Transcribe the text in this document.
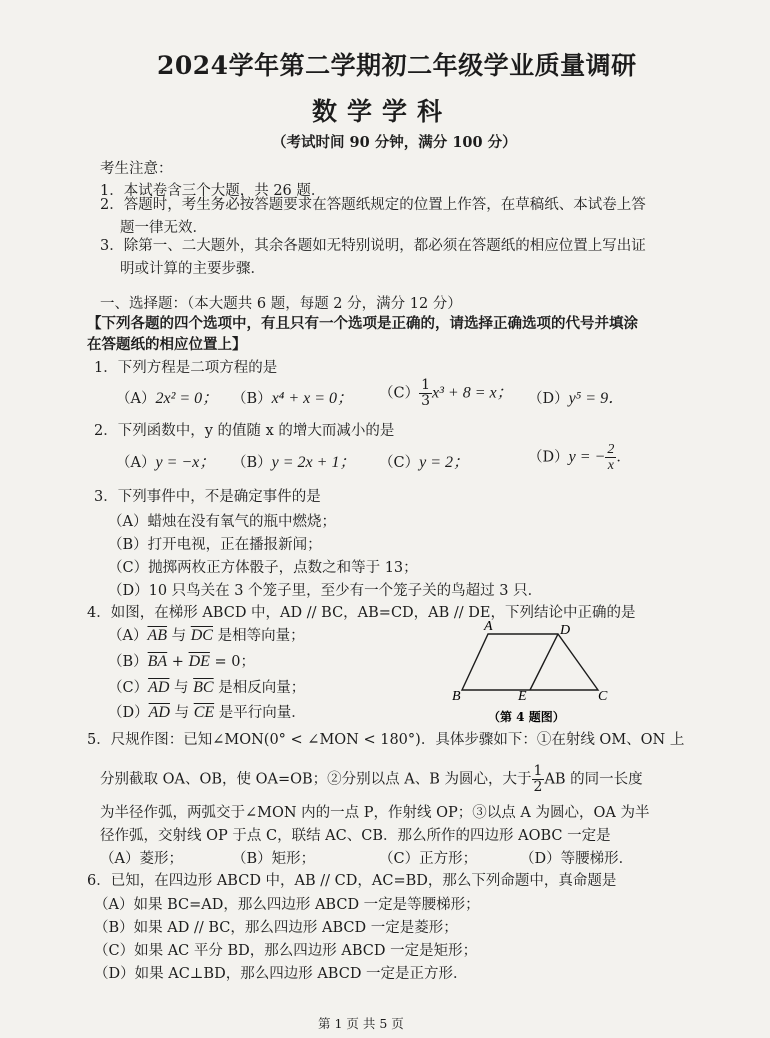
2024学年第二学期初二年级学业质量调研
数学学科
（考试时间 90 分钟，满分 100 分）
考生注意：
1．本试卷含三个大题，共 26 题．
2．答题时，考生务必按答题要求在答题纸规定的位置上作答，在草稿纸、本试卷上答
题一律无效．
3．除第一、二大题外，其余各题如无特别说明，都必须在答题纸的相应位置上写出证
明或计算的主要步骤．
一、选择题：（本大题共 6 题，每题 2 分，满分 12 分）
【下列各题的四个选项中，有且只有一个选项是正确的，请选择正确选项的代号并填涂
在答题纸的相应位置上】
1．下列方程是二项方程的是
（A）2x² = 0； （B）x⁴ + x = 0； $(C) \frac{1}{3} x^3 + 8 = x$； （D）y⁵ = 9．
2．下列函数中，y 的值随 x 的增大而减小的是
（A）y = −x； （B）y = 2x + 1； （C）y = 2；	（D）y = − $\frac{2}{x}$ ．
3．下列事件中，不是确定事件的是
（A）蜡烛在没有氧气的瓶中燃烧；
（B）打开电视，正在播报新闻；
（C）抛掷两枚正方体骰子，点数之和等于 13；
（D）10 只鸟关在 3 个笼子里，至少有一个笼子关的鸟超过 3 只．
4．如图，在梯形 ABCD 中，AD // BC，AB=CD，AB // DE，下列结论中正确的是
$(A)\overline{AB}$ 与 $\overline{DC}$ 是相等向量；
$(B)\overline{BA} + \overline{DE} = 0$；
$(C)\overline{AD}$ 与 $\overline{BC}$ 是相反向量；
$(D)\overline{AD}$ 与 $\overline{CE}$ 是平行向量．
A	D
B	E	C
（第 4 题图）
5．尺规作图：已知∠MON(0° < ∠MON < 180°)．具体步骤如下：①在射线 OM、ON 上
分别截取 OA、OB，使 OA=OB；②分别以点 A、B 为圆心，大于 $\frac{1}{2}$ AB 的同一长度
为半径作弧，两弧交于∠MON 内的一点 P，作射线 OP；③以点 A 为圆心，OA 为半
径作弧，交射线 OP 于点 C，联结 AC、CB．那么所作的四边形 AOBC 一定是
（A）菱形；	（B）矩形；	（C）正方形；	（D）等腰梯形．
6．已知，在四边形 ABCD 中，AB // CD，AC=BD，那么下列命题中，真命题是
（A）如果 BC=AD，那么四边形 ABCD 一定是等腰梯形；
（B）如果 AD // BC，那么四边形 ABCD 一定是菱形；
（C）如果 AC 平分 BD，那么四边形 ABCD 一定是矩形；
（D）如果 AC⊥BD，那么四边形 ABCD 一定是正方形．
第 1 页 共 5 页
